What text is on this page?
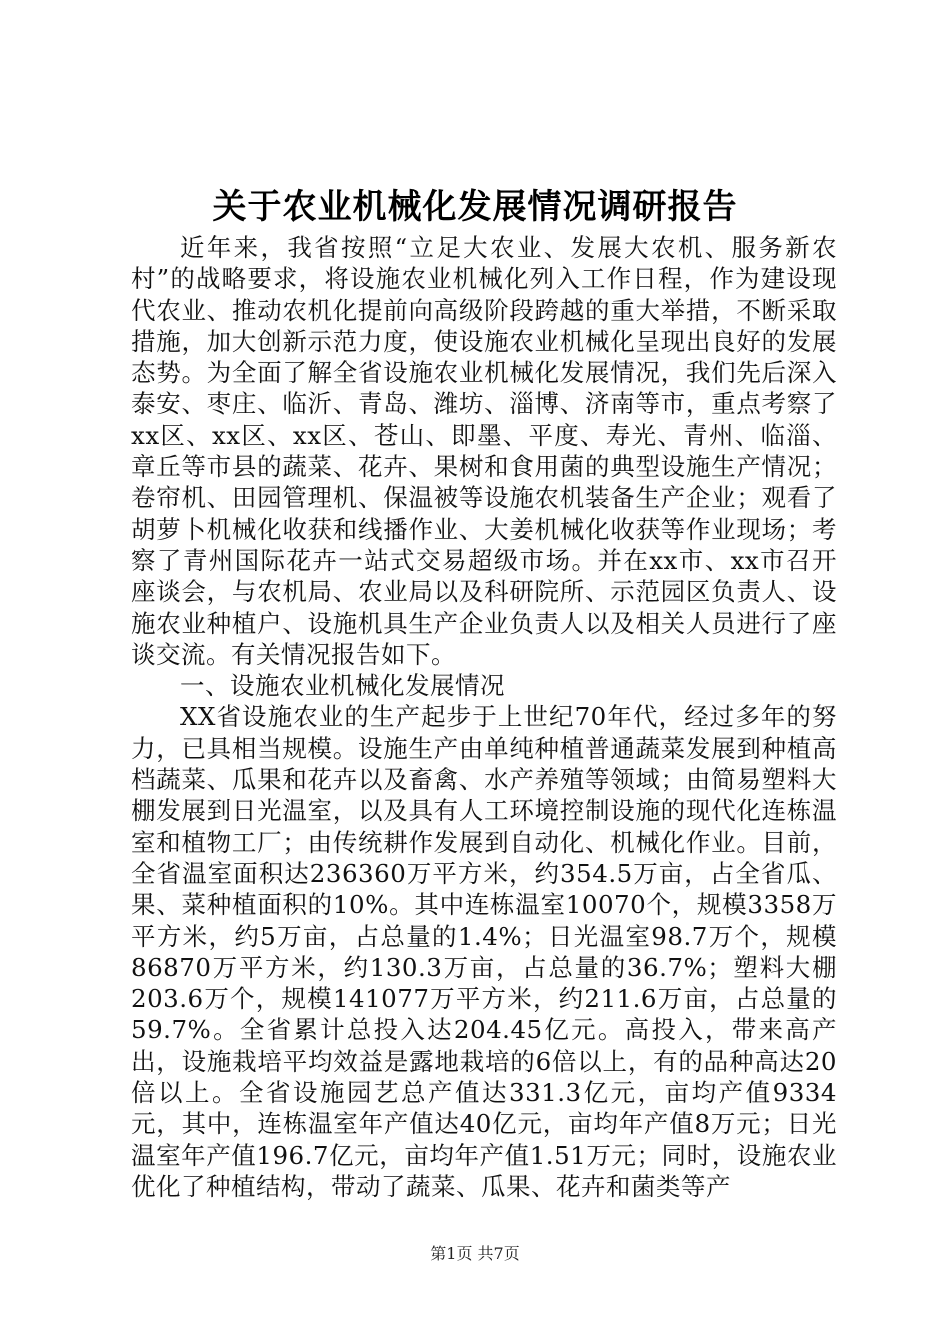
关于农业机械化发展情况调研报告

近年来，我省按照“立足大农业、发展大农机、服务新农村”的战略要求，将设施农业机械化列入工作日程，作为建设现代农业、推动农机化提前向高级阶段跨越的重大举措，不断采取措施，加大创新示范力度，使设施农业机械化呈现出良好的发展态势。为全面了解全省设施农业机械化发展情况，我们先后深入泰安、枣庄、临沂、青岛、潍坊、淄博、济南等市，重点考察了xx区、xx区、xx区、苍山、即墨、平度、寿光、青州、临淄、章丘等市县的蔬菜、花卉、果树和食用菌的典型设施生产情况；卷帘机、田园管理机、保温被等设施农机装备生产企业；观看了胡萝卜机械化收获和线播作业、大姜机械化收获等作业现场；考察了青州国际花卉一站式交易超级市场。并在xx市、xx市召开座谈会，与农机局、农业局以及科研院所、示范园区负责人、设施农业种植户、设施机具生产企业负责人以及相关人员进行了座谈交流。有关情况报告如下。

一、设施农业机械化发展情况

XX省设施农业的生产起步于上世纪70年代，经过多年的努力，已具相当规模。设施生产由单纯种植普通蔬菜发展到种植高档蔬菜、瓜果和花卉以及畜禽、水产养殖等领域；由简易塑料大棚发展到日光温室，以及具有人工环境控制设施的现代化连栋温室和植物工厂；由传统耕作发展到自动化、机械化作业。目前，全省温室面积达236360万平方米，约354.5万亩，占全省瓜、果、菜种植面积的10%。其中连栋温室10070个，规模3358万平方米，约5万亩，占总量的1.4%；日光温室98.7万个，规模86870万平方米，约130.3万亩，占总量的36.7%；塑料大棚203.6万个，规模141077万平方米，约211.6万亩，占总量的59.7%。全省累计总投入达204.45亿元。高投入，带来高产出，设施栽培平均效益是露地栽培的6倍以上，有的品种高达20倍以上。全省设施园艺总产值达331.3亿元，亩均产值9334元，其中，连栋温室年产值达40亿元，亩均年产值8万元；日光温室年产值196.7亿元，亩均年产值1.51万元；同时，设施农业优化了种植结构，带动了蔬菜、瓜果、花卉和菌类等产

第1页 共7页
